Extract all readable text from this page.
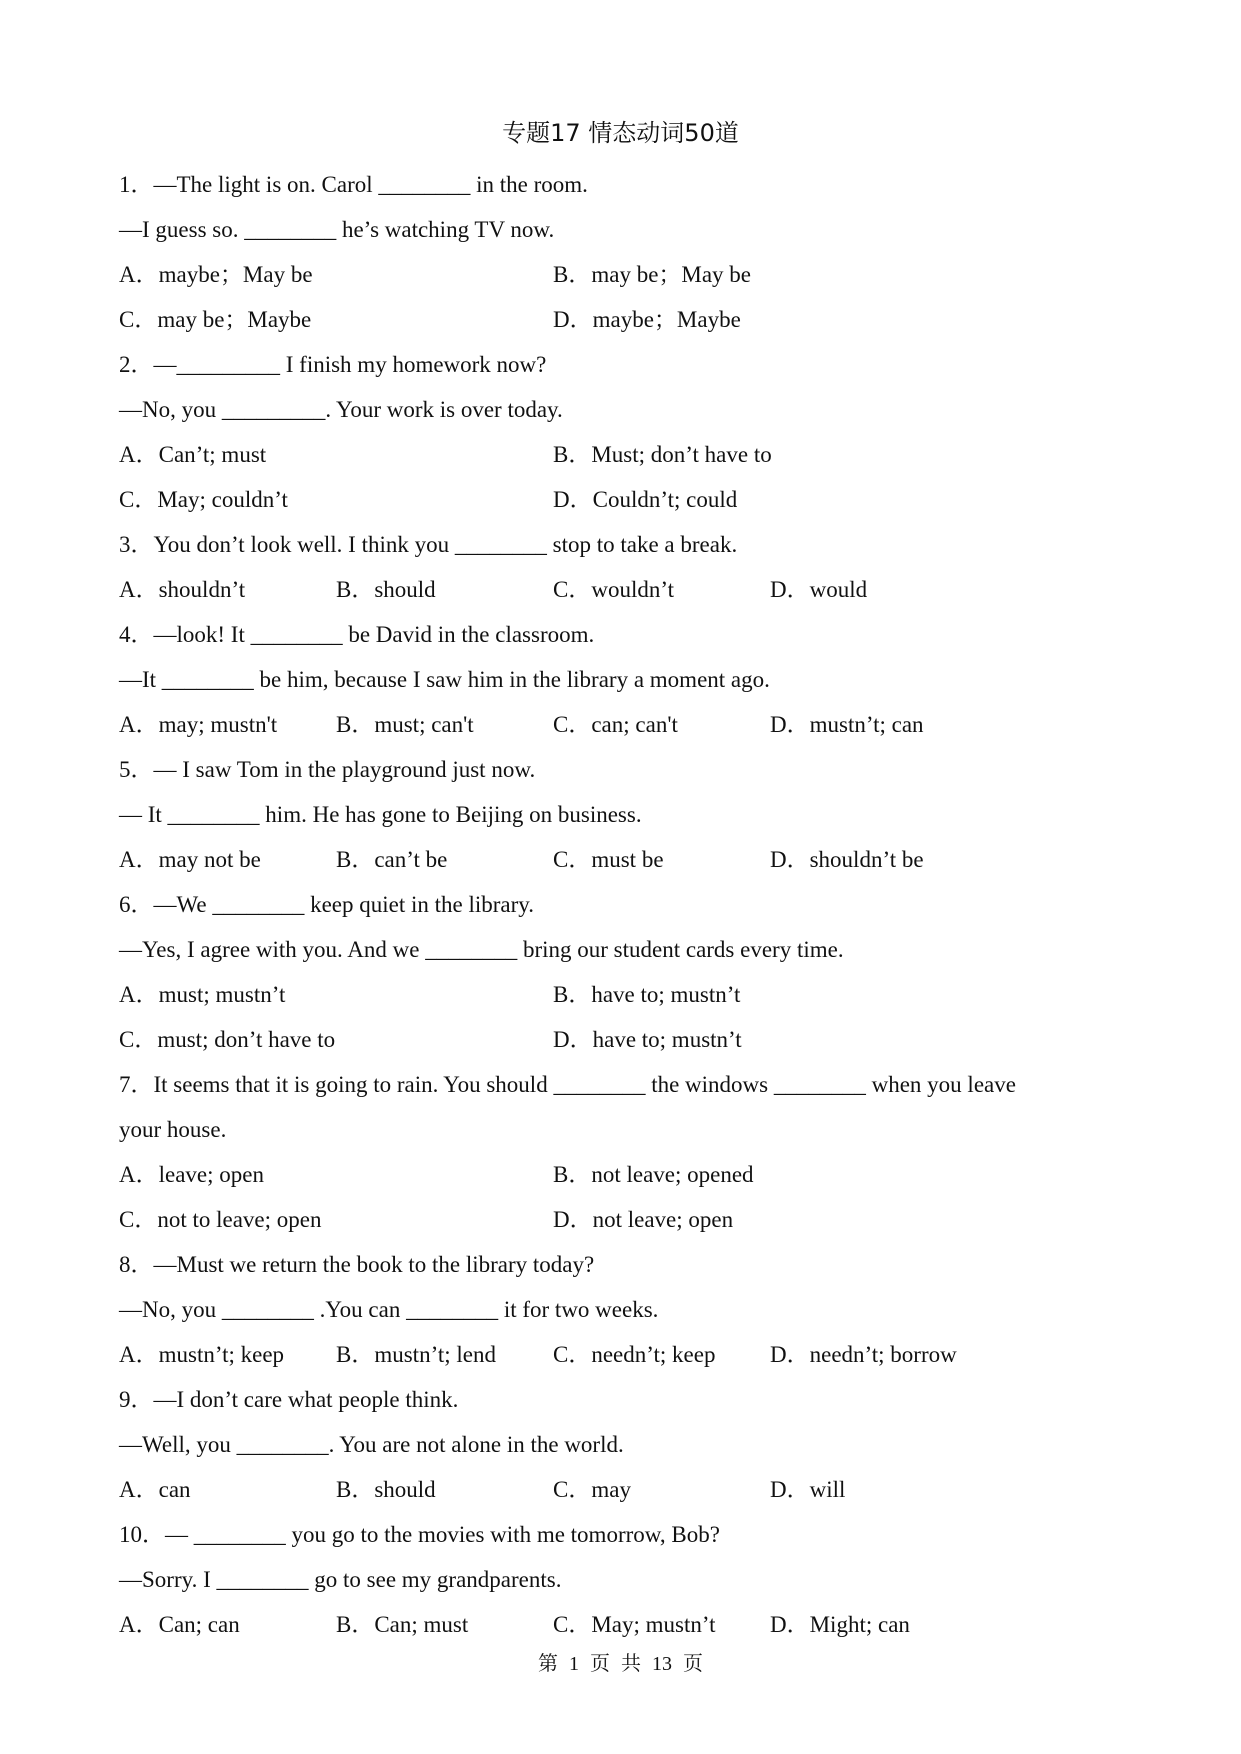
专题17 情态动词50道
1．—The light is on. Carol ________ in the room.
—I guess so. ________ he’s watching TV now.
A．maybe；May be	B．may be；May be
C．may be；Maybe	D．maybe；Maybe
2．—_________ I finish my homework now?
—No, you _________. Your work is over today.
A．Can’t; must	B．Must; don’t have to
C．May; couldn’t	D．Couldn’t; could
3．You don’t look well. I think you ________ stop to take a break.
A．shouldn’t	B．should	C．wouldn’t	D．would
4．—look! It ________ be David in the classroom.
—It ________ be him, because I saw him in the library a moment ago.
A．may; mustn't	B．must; can't	C．can; can't	D．mustn’t; can
5．— I saw Tom in the playground just now.
— It ________ him. He has gone to Beijing on business.
A．may not be	B．can’t be	C．must be	D．shouldn’t be
6．—We ________ keep quiet in the library.
—Yes, I agree with you. And we ________ bring our student cards every time.
A．must; mustn’t	B．have to; mustn’t
C．must; don’t have to	D．have to; mustn’t
7．It seems that it is going to rain. You should ________ the windows ________ when you leave
your house.
A．leave; open	B．not leave; opened
C．not to leave; open	D．not leave; open
8．—Must we return the book to the library today?
—No, you ________ .You can ________ it for two weeks.
A．mustn’t; keep	B．mustn’t; lend	C．needn’t; keep	D．needn’t; borrow
9．—I don’t care what people think.
—Well, you ________. You are not alone in the world.
A．can	B．should	C．may	D．will
10．— ________ you go to the movies with me tomorrow, Bob?
—Sorry. I ________ go to see my grandparents.
A．Can; can	B．Can; must	C．May; mustn’t	D．Might; can
第 1 页 共 13 页
